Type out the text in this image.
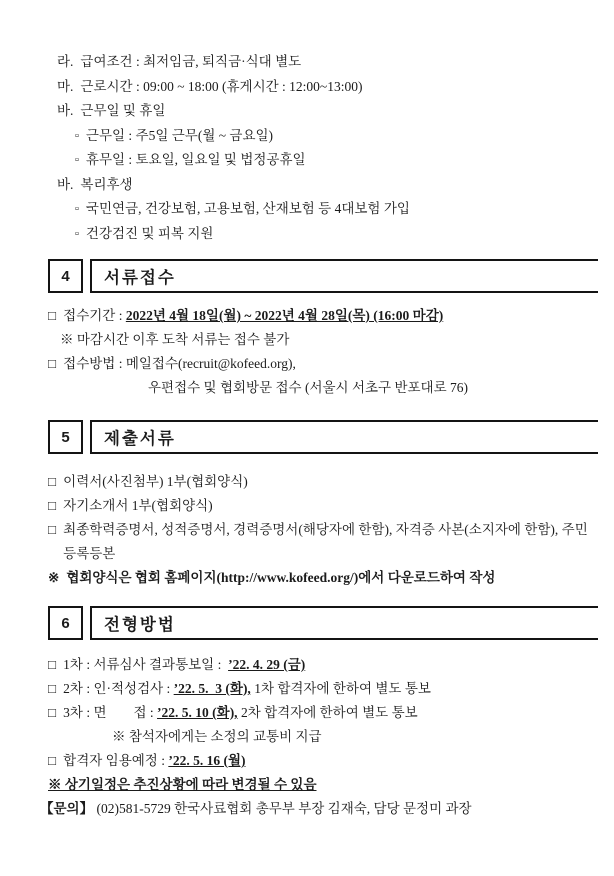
라. 급여조건 : 최저임금, 퇴직금·식대 별도
마. 근로시간 : 09:00 ~ 18:00 (휴게시간 : 12:00~13:00)
바. 근무일 및 휴일
▫ 근무일 : 주5일 근무(월 ~ 금요일)
▫ 휴무일 : 토요일, 일요일 및 법정공휴일
바. 복리후생
▫ 국민연금, 건강보험, 고용보험, 산재보험 등 4대보험 가입
▫ 건강검진 및 피복 지원
4	서류접수
□ 접수기간 : 2022년 4월 18일(월) ~ 2022년 4월 28일(목) (16:00 마감)
※ 마감시간 이후 도착 서류는 접수 불가
□ 접수방법 : 메일접수(recruit@kofeed.org),
우편접수 및 협회방문 접수 (서울시 서초구 반포대로 76)
5	제출서류
□ 이력서(사진첨부) 1부(협회양식)
□ 자기소개서 1부(협회양식)
□ 최종학력증명서, 성적증명서, 경력증명서(해당자에 한함), 자격증 사본(소지자에 한함), 주민등록등본
※ 협회양식은 협회 홈페이지(http://www.kofeed.org/)에서 다운로드하여 작성
6	전형방법
□ 1차 : 서류심사 결과통보일 :  ’22. 4. 29 (금)
□ 2차 : 인·적성검사 : ’22. 5.  3 (화), 1차 합격자에 한하여 별도 통보
□ 3차 : 면        접 : ’22. 5. 10 (화), 2차 합격자에 한하여 별도 통보
※ 참석자에게는 소정의 교통비 지급
□ 합격자 임용예정 : ’22. 5. 16 (월)
※ 상기일정은 추진상황에 따라 변경될 수 있음
【문의】 (02)581-5729 한국사료협회 총무부 부장 김재숙, 담당 문정미 과장
